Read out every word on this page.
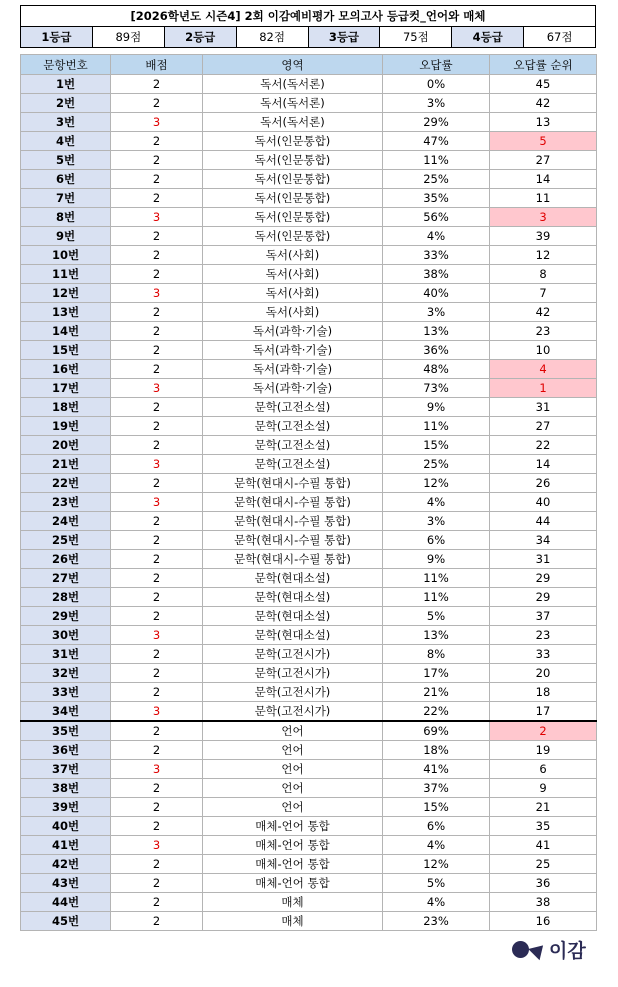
[2026학년도 시즌4] 2회 이감예비평가 모의고사 등급컷_언어와 매체
1등급	89점	2등급	82점	3등급	75점	4등급	67점
문항번호	배점	영역	오답률	오답률 순위
1번	2	독서(독서론)	0%	45
2번	2	독서(독서론)	3%	42
3번	3	독서(독서론)	29%	13
4번	2	독서(인문통합)	47%	5
5번	2	독서(인문통합)	11%	27
6번	2	독서(인문통합)	25%	14
7번	2	독서(인문통합)	35%	11
8번	3	독서(인문통합)	56%	3
9번	2	독서(인문통합)	4%	39
10번	2	독서(사회)	33%	12
11번	2	독서(사회)	38%	8
12번	3	독서(사회)	40%	7
13번	2	독서(사회)	3%	42
14번	2	독서(과학·기술)	13%	23
15번	2	독서(과학·기술)	36%	10
16번	2	독서(과학·기술)	48%	4
17번	3	독서(과학·기술)	73%	1
18번	2	문학(고전소설)	9%	31
19번	2	문학(고전소설)	11%	27
20번	2	문학(고전소설)	15%	22
21번	3	문학(고전소설)	25%	14
22번	2	문학(현대시-수필 통합)	12%	26
23번	3	문학(현대시-수필 통합)	4%	40
24번	2	문학(현대시-수필 통합)	3%	44
25번	2	문학(현대시-수필 통합)	6%	34
26번	2	문학(현대시-수필 통합)	9%	31
27번	2	문학(현대소설)	11%	29
28번	2	문학(현대소설)	11%	29
29번	2	문학(현대소설)	5%	37
30번	3	문학(현대소설)	13%	23
31번	2	문학(고전시가)	8%	33
32번	2	문학(고전시가)	17%	20
33번	2	문학(고전시가)	21%	18
34번	3	문학(고전시가)	22%	17
35번	2	언어	69%	2
36번	2	언어	18%	19
37번	3	언어	41%	6
38번	2	언어	37%	9
39번	2	언어	15%	21
40번	2	매체-언어 통합	6%	35
41번	3	매체-언어 통합	4%	41
42번	2	매체-언어 통합	12%	25
43번	2	매체-언어 통합	5%	36
44번	2	매체	4%	38
45번	2	매체	23%	16
이감
